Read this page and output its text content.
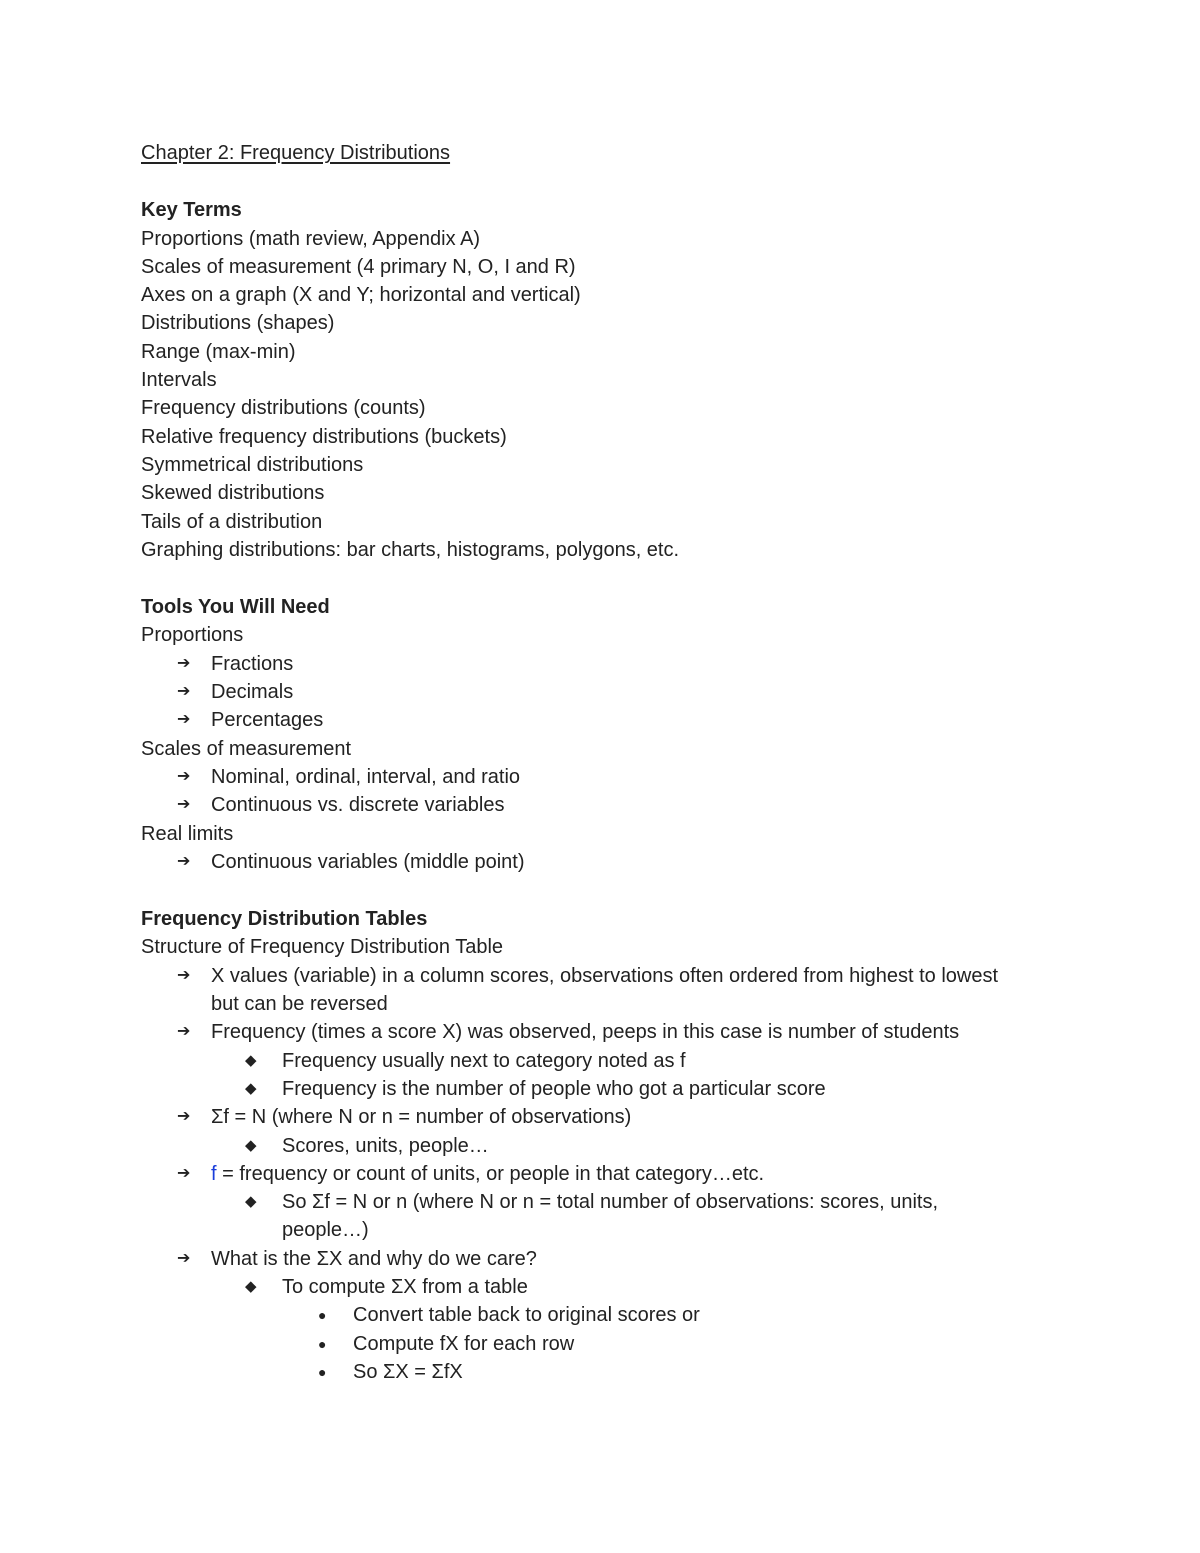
Chapter 2: Frequency Distributions
Key Terms
Proportions (math review, Appendix A)
Scales of measurement (4 primary N, O, I and R)
Axes on a graph (X and Y; horizontal and vertical)
Distributions (shapes)
Range (max-min)
Intervals
Frequency distributions (counts)
Relative frequency distributions (buckets)
Symmetrical distributions
Skewed distributions
Tails of a distribution
Graphing distributions: bar charts, histograms, polygons, etc.
Tools You Will Need
Proportions
➔ Fractions
➔ Decimals
➔ Percentages
Scales of measurement
➔ Nominal, ordinal, interval, and ratio
➔ Continuous vs. discrete variables
Real limits
➔ Continuous variables (middle point)
Frequency Distribution Tables
Structure of Frequency Distribution Table
➔ X values (variable) in a column scores, observations often ordered from highest to lowest but can be reversed
➔ Frequency (times a score X) was observed, peeps in this case is number of students
◆ Frequency usually next to category noted as f
◆ Frequency is the number of people who got a particular score
➔ Σf = N (where N or n = number of observations)
◆ Scores, units, people…
➔ f = frequency or count of units, or people in that category…etc.
◆ So Σf = N or n (where N or n = total number of observations: scores, units, people…)
➔ What is the ΣX and why do we care?
◆ To compute ΣX from a table
● Convert table back to original scores or
● Compute fX for each row
● So ΣX = ΣfX
